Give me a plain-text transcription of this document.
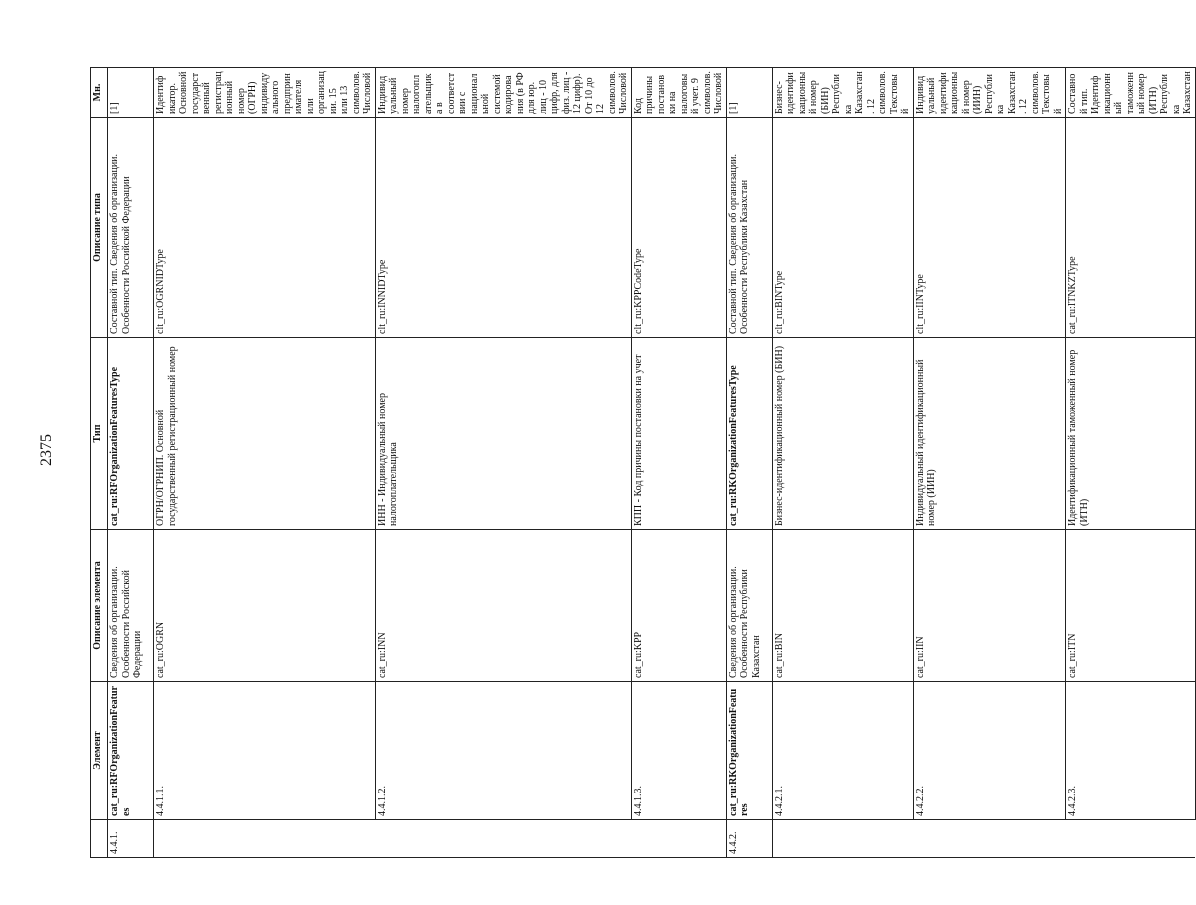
2375
	Элемент	Описание элемента	Тип	Описание типа	Мн.	
4.4.1.	cat_ru:RFOrganizationFeatures	Сведения об организации. Особенности Российской Федерации	cat_ru:RFOrganizationFeaturesType	Составной тип. Сведения об организации. Особенности Российской Федерации	[1]	
	4.4.1.1.	cat_ru:OGRN	ОГРН/ОГРНИП. Основной государственный регистрационный номер	clt_ru:OGRNIDType	Идентификатор. Основной государственный регистрационный номер (ОГРН) индивидуального предпринимателя или организации. 15 или 13 символов. Числовой	
	4.4.1.2.	cat_ru:INN	ИНН - Индивидуальный номер налогоплательщика	clt_ru:INNIDType	Индивидуальный номер налогоплательщика в соответствии с национальной системой кодирования (в РФ для юр. лиц - 10 цифр, для физ. лиц - 12 цифр). От 10 до 12 символов. Числовой	
	4.4.1.3.	cat_ru:KPP	КПП - Код причины постановки на учет	clt_ru:KPPCodeType	Код причины постановки на налоговый учет. 9 символов. Числовой	
4.4.2.	cat_ru:RKOrganizationFeatures	Сведения об организации. Особенности Республики Казахстан	cat_ru:RKOrganizationFeaturesType	Составной тип. Сведения об организации. Особенности Республики Казахстан	[1]	
	4.4.2.1.	cat_ru:BIN	Бизнес-идентификационный номер (БИН)	clt_ru:BINType	Бизнес-идентификационный номер (БИН) Республика Казахстан. 12 символов. Текстовый	
	4.4.2.2.	cat_ru:IIN	Индивидуальный идентификационный номер (ИИН)	clt_ru:IINType	Индивидуальный идентификационный номер (ИИН) Республика Казахстан. 12 символов. Текстовый	
	4.4.2.3.	cat_ru:ITN	Идентификационный таможенный номер (ИТН)	cat_ru:ITNKZType	Составной тип. Идентификационный таможенный номер (ИТН) Республика Казахстан	
